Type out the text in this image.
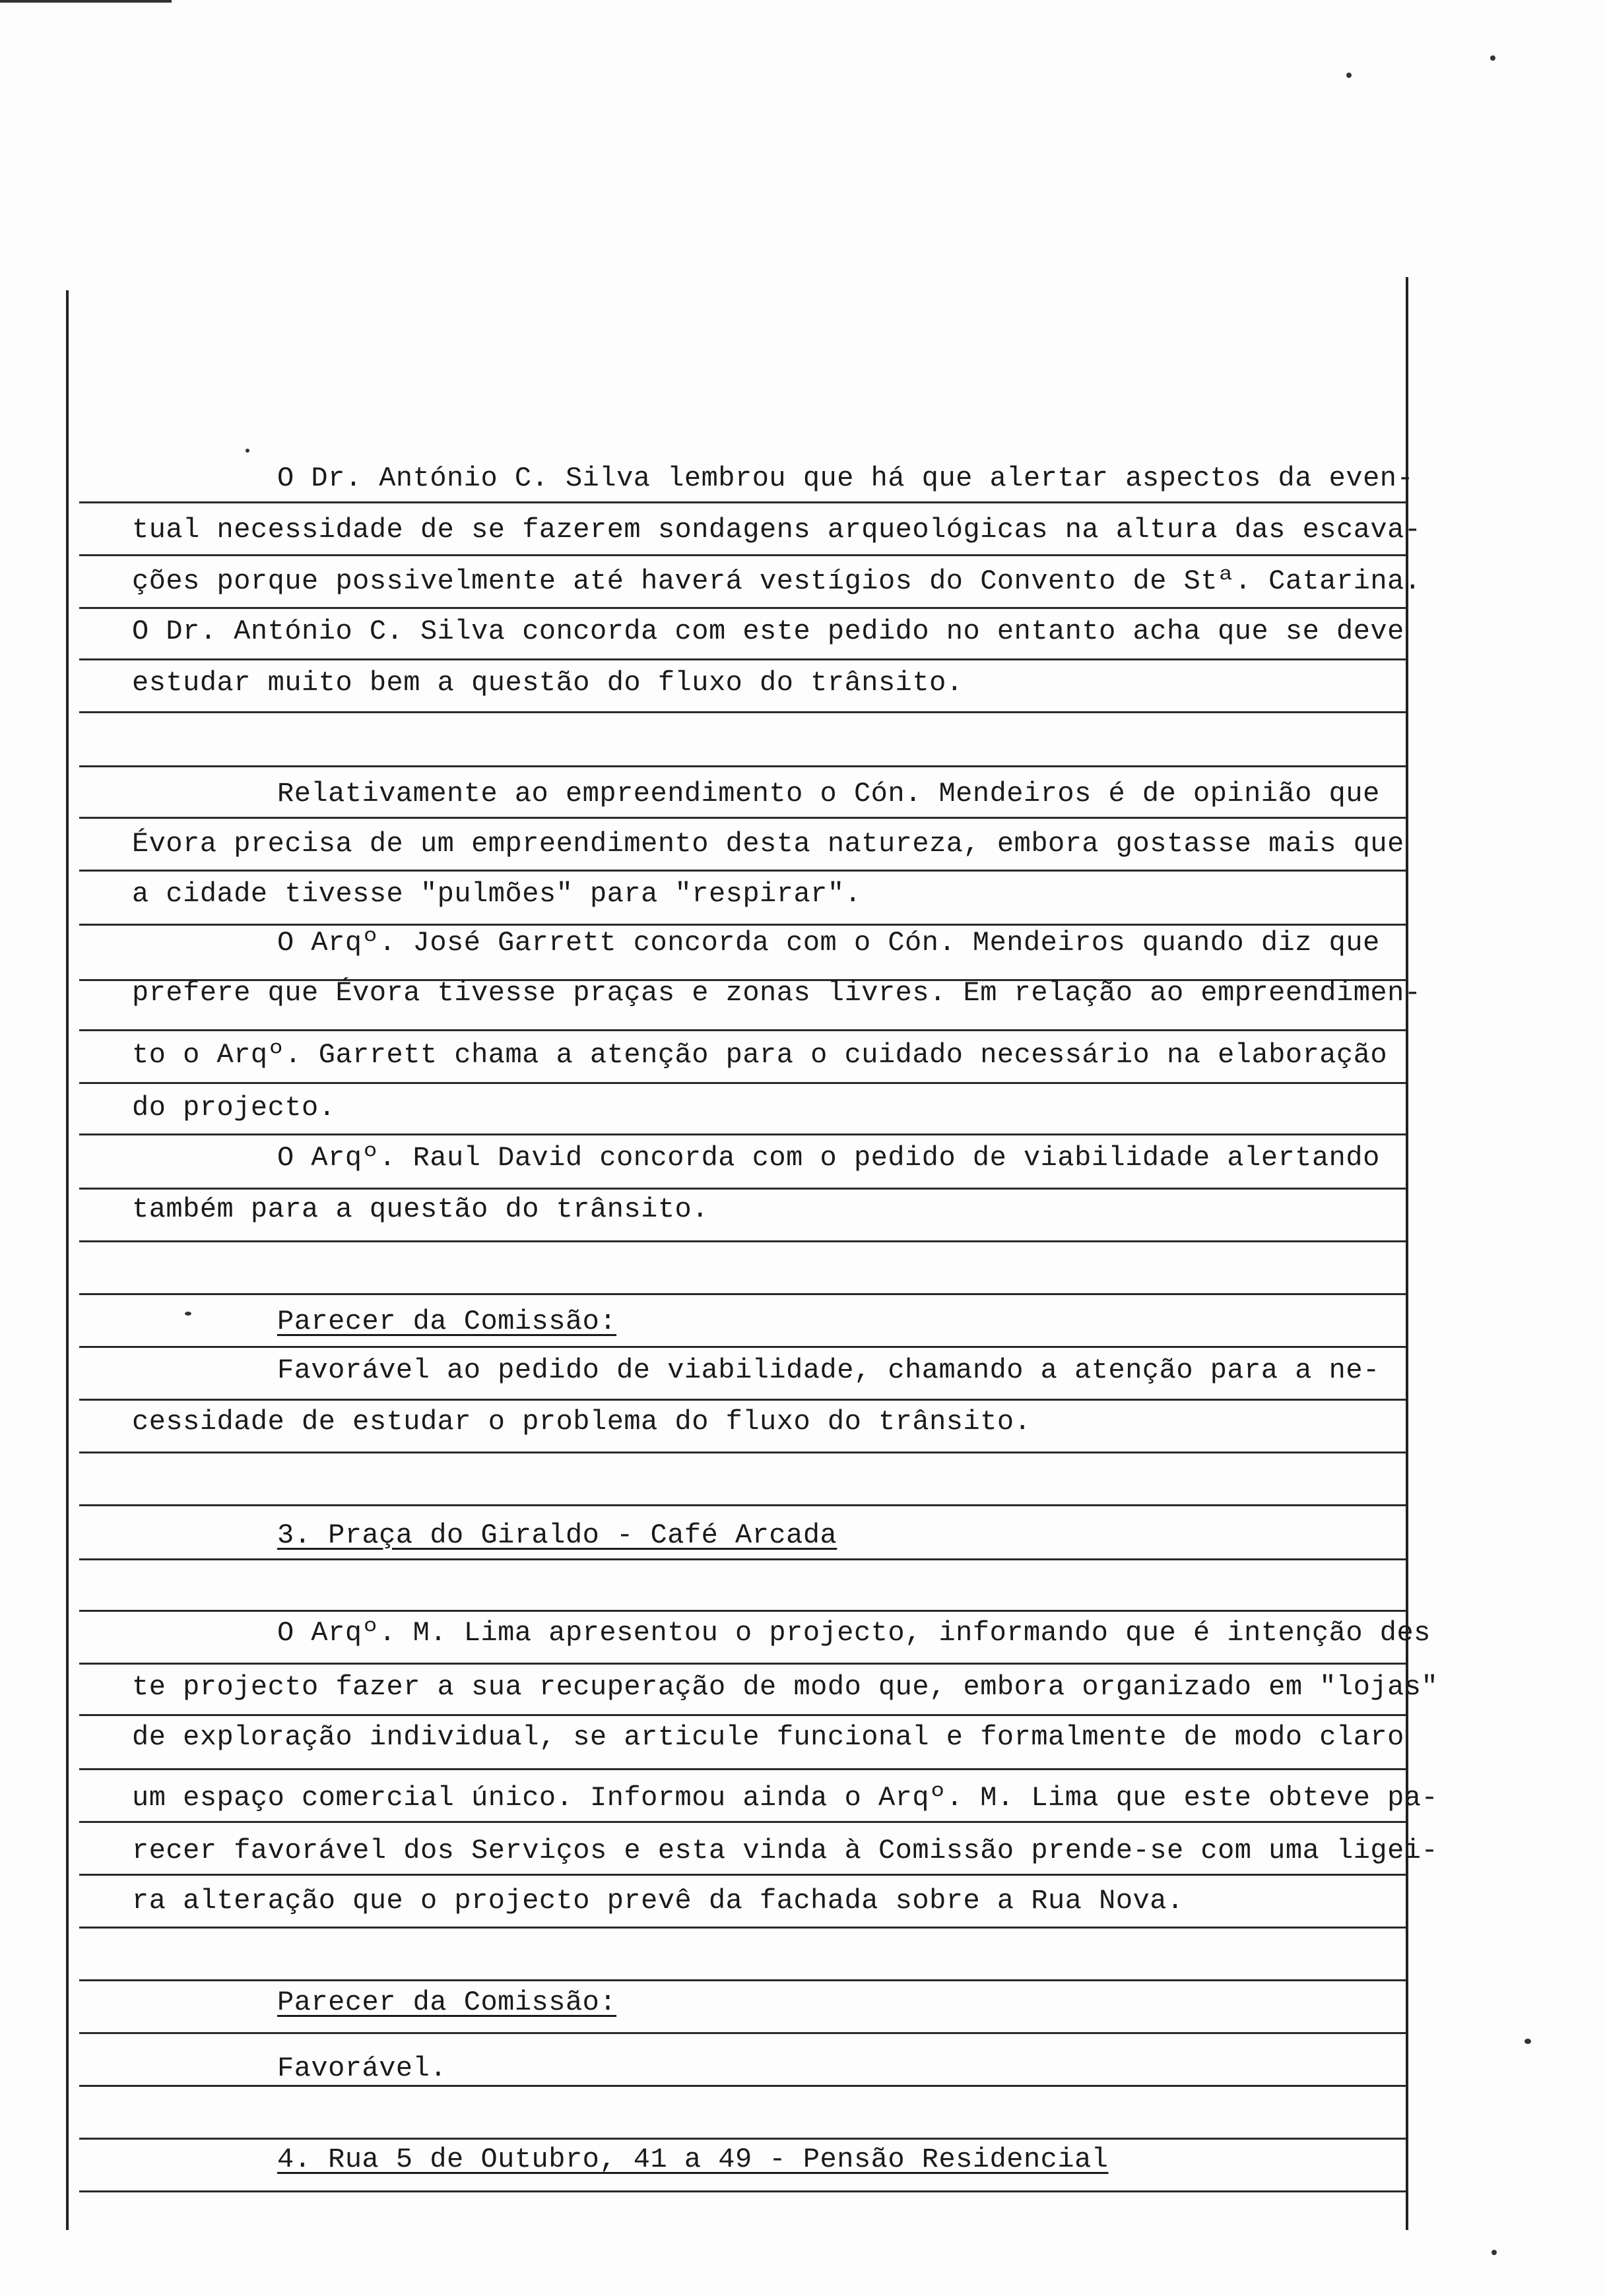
O Dr. António C. Silva lembrou que há que alertar aspectos da even-
tual necessidade de se fazerem sondagens arqueológicas na altura das escava-
ções porque possivelmente até haverá vestígios do Convento de Stª. Catarina.
O Dr. António C. Silva concorda com este pedido no entanto acha que se deve
estudar muito bem a questão do fluxo do trânsito.
Relativamente ao empreendimento o Cón. Mendeiros é de opinião que
Évora precisa de um empreendimento desta natureza, embora gostasse mais que
a cidade tivesse "pulmões" para "respirar".
O Arqº. José Garrett concorda com o Cón. Mendeiros quando diz que
prefere que Évora tivesse praças e zonas livres. Em relação ao empreendimen-
to o Arqº. Garrett chama a atenção para o cuidado necessário na elaboração
do projecto.
O Arqº. Raul David concorda com o pedido de viabilidade alertando
também para a questão do trânsito.
Parecer da Comissão:
Favorável ao pedido de viabilidade, chamando a atenção para a ne-
cessidade de estudar o problema do fluxo do trânsito.
3. Praça do Giraldo - Café Arcada
O Arqº. M. Lima apresentou o projecto, informando que é intenção des
te projecto fazer a sua recuperação de modo que, embora organizado em "lojas"
de exploração individual, se articule funcional e formalmente de modo claro
um espaço comercial único. Informou ainda o Arqº. M. Lima que este obteve pa-
recer favorável dos Serviços e esta vinda à Comissão prende-se com uma ligei-
ra alteração que o projecto prevê da fachada sobre a Rua Nova.
Parecer da Comissão:
Favorável.
4. Rua 5 de Outubro, 41 a 49 - Pensão Residencial
